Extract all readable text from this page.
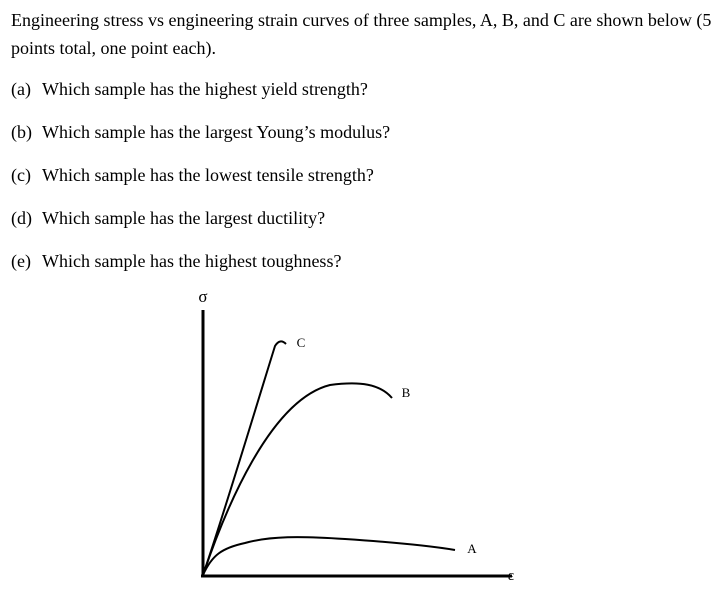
Engineering stress vs engineering strain curves of three samples, A, B, and C are shown below (5 points total, one point each).

(a) Which sample has the highest yield strength?

(b) Which sample has the largest Young’s modulus?

(c) Which sample has the lowest tensile strength?

(d) Which sample has the largest ductility?

(e) Which sample has the highest toughness?

σ
ε
C
B
A
